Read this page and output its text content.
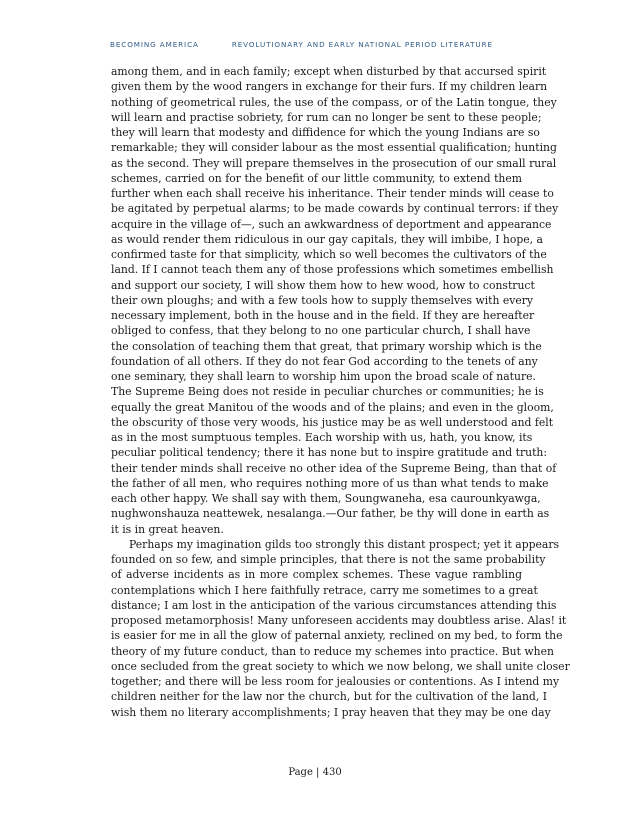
BECOMING AMERICA	REVOLUTIONARY AND EARLY NATIONAL PERIOD LITERATURE
among them, and in each family; except when disturbed by that accursed spirit
given them by the wood rangers in exchange for their furs. If my children learn
nothing of geometrical rules, the use of the compass, or of the Latin tongue, they
will learn and practise sobriety, for rum can no longer be sent to these people;
they will learn that modesty and diffidence for which the young Indians are so
remarkable; they will consider labour as the most essential qualification; hunting
as the second. They will prepare themselves in the prosecution of our small rural
schemes, carried on for the benefit of our little community, to extend them
further when each shall receive his inheritance. Their tender minds will cease to
be agitated by perpetual alarms; to be made cowards by continual terrors: if they
acquire in the village of—, such an awkwardness of deportment and appearance
as would render them ridiculous in our gay capitals, they will imbibe, I hope, a
confirmed taste for that simplicity, which so well becomes the cultivators of the
land. If I cannot teach them any of those professions which sometimes embellish
and support our society, I will show them how to hew wood, how to construct
their own ploughs; and with a few tools how to supply themselves with every
necessary implement, both in the house and in the field. If they are hereafter
obliged to confess, that they belong to no one particular church, I shall have
the consolation of teaching them that great, that primary worship which is the
foundation of all others. If they do not fear God according to the tenets of any
one seminary, they shall learn to worship him upon the broad scale of nature.
The Supreme Being does not reside in peculiar churches or communities; he is
equally the great Manitou of the woods and of the plains; and even in the gloom,
the obscurity of those very woods, his justice may be as well understood and felt
as in the most sumptuous temples. Each worship with us, hath, you know, its
peculiar political tendency; there it has none but to inspire gratitude and truth:
their tender minds shall receive no other idea of the Supreme Being, than that of
the father of all men, who requires nothing more of us than what tends to make
each other happy. We shall say with them, Soungwaneha, esa caurounkyawga,
nughwonshauza neattewek, nesalanga.—Our father, be thy will done in earth as
it is in great heaven.
Perhaps my imagination gilds too strongly this distant prospect; yet it appears
founded on so few, and simple principles, that there is not the same probability
of adverse incidents as in more complex schemes. These vague rambling
contemplations which I here faithfully retrace, carry me sometimes to a great
distance; I am lost in the anticipation of the various circumstances attending this
proposed metamorphosis! Many unforeseen accidents may doubtless arise. Alas! it
is easier for me in all the glow of paternal anxiety, reclined on my bed, to form the
theory of my future conduct, than to reduce my schemes into practice. But when
once secluded from the great society to which we now belong, we shall unite closer
together; and there will be less room for jealousies or contentions. As I intend my
children neither for the law nor the church, but for the cultivation of the land, I
wish them no literary accomplishments; I pray heaven that they may be one day
Page | 430
